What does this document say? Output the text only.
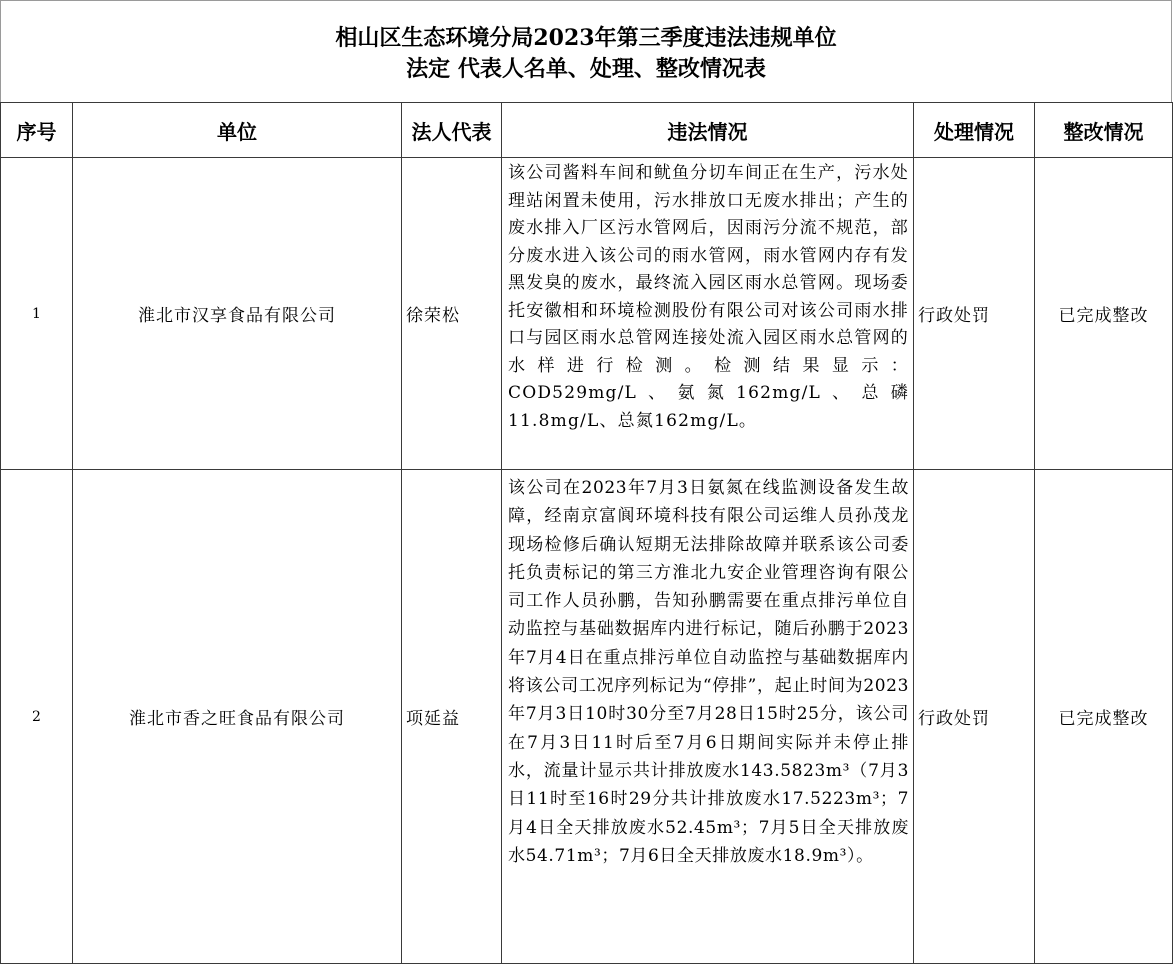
相山区生态环境分局2023年第三季度违法违规单位
法定 代表人名单、处理、整改情况表
序号	单位	法人代表	违法情况	处理情况	整改情况
1	淮北市汉享食品有限公司	徐荣松	该公司酱料车间和鱿鱼分切车间正在生产，污水处理站闲置未使用，污水排放口无废水排出；产生的废水排入厂区污水管网后，因雨污分流不规范，部分废水进入该公司的雨水管网，雨水管网内存有发黑发臭的废水，最终流入园区雨水总管网。现场委托安徽相和环境检测股份有限公司对该公司雨水排口与园区雨水总管网连接处流入园区雨水总管网的水样进行检测。检测结果显示：COD529mg/L、氨氮162mg/L、总磷11.8mg/L、总氮162mg/L。	行政处罚	已完成整改
2	淮北市香之旺食品有限公司	项延益	该公司在2023年7月3日氨氮在线监测设备发生故障，经南京富阆环境科技有限公司运维人员孙茂龙现场检修后确认短期无法排除故障并联系该公司委托负责标记的第三方淮北九安企业管理咨询有限公司工作人员孙鹏，告知孙鹏需要在重点排污单位自动监控与基础数据库内进行标记，随后孙鹏于2023年7月4日在重点排污单位自动监控与基础数据库内将该公司工况序列标记为“停排”，起止时间为2023年7月3日10时30分至7月28日15时25分，该公司在7月3日11时后至7月6日期间实际并未停止排水，流量计显示共计排放废水143.5823m³（7月3日11时至16时29分共计排放废水17.5223m³；7月4日全天排放废水52.45m³；7月5日全天排放废水54.71m³；7月6日全天排放废水18.9m³）。	行政处罚	已完成整改
